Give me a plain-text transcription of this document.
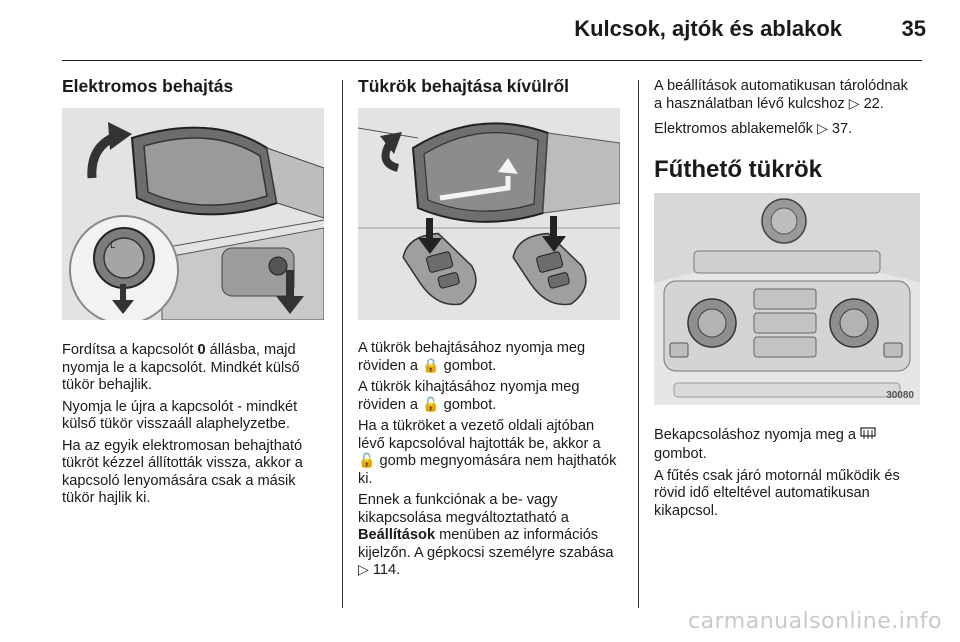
Kulcsok, ajtók és ablakok	35
Elektromos behajtás
L

Fordítsa a kapcsolót 0 állásba, majd nyomja le a kapcsolót. Mindkét külső tükör behajlik.

Nyomja le újra a kapcsolót - mindkét külső tükör visszaáll alaphelyzetbe.

Ha az egyik elektromosan behajtható tükröt kézzel állították vissza, akkor a kapcsoló lenyomására csak a másik tükör hajlik ki.

Tükrök behajtása kívülről

A tükrök behajtásához nyomja meg röviden a 🔒 gombot.

A tükrök kihajtásához nyomja meg röviden a 🔓 gombot.

Ha a tükröket a vezető oldali ajtóban lévő kapcsolóval hajtották be, akkor a 🔓 gomb megnyomására nem hajthatók ki.

Ennek a funkciónak a be- vagy kikapcsolása megváltoztatható a Beállítások menüben az információs kijelzőn. A gépkocsi személyre szabása ▷ 114.

A beállítások automatikusan tárolódnak a használatban lévő kulcshoz ▷ 22.

Elektromos ablakemelők ▷ 37.

Fűthető tükrök
30080

Bekapcsoláshoz nyomja meg a  gombot.

A fűtés csak járó motornál működik és rövid idő elteltével automatikusan kikapcsol.

carmanualsonline.info
